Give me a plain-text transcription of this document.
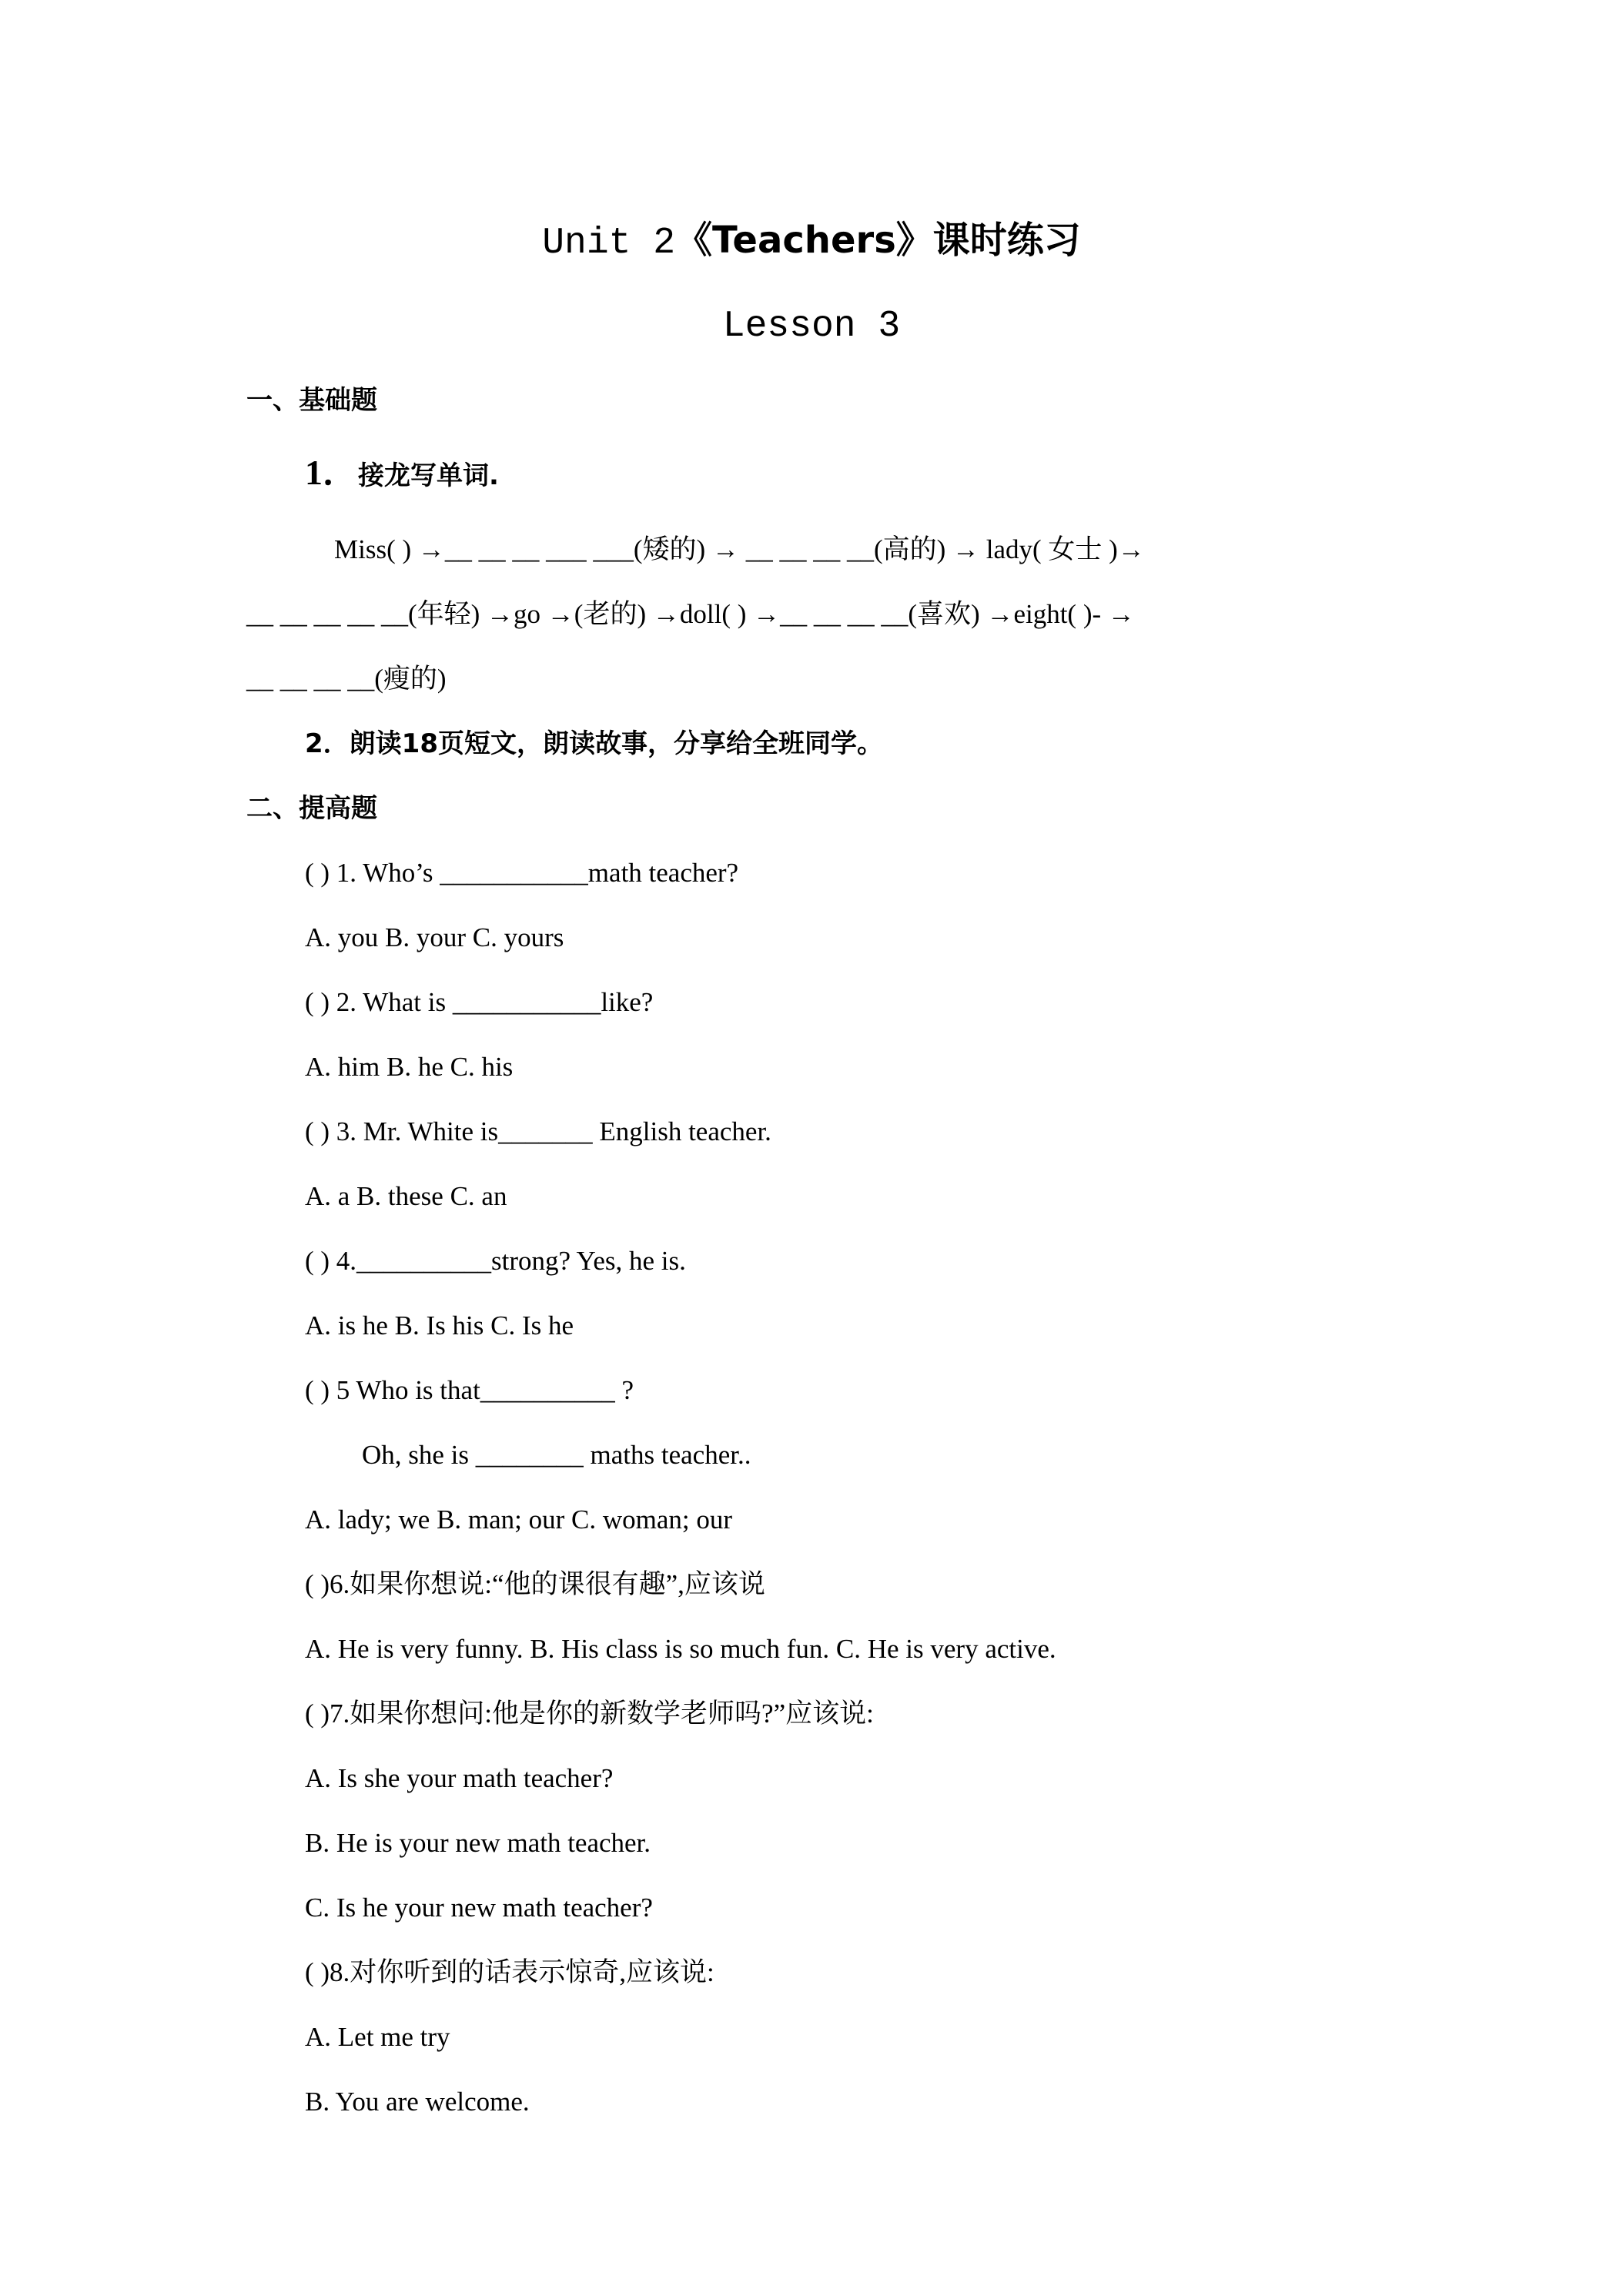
Unit 2《Teachers》课时练习
Lesson 3
一、基础题
1．接龙写单词.
Miss( ) →__ __ __ ___ ___(矮的) → __ __ __ __(高的) → lady( 女士 )→
__ __ __ __ __(年轻) →go →(老的) →doll( ) →__ __ __ __(喜欢) →eight( )- →
__ __ __ __(瘦的)
2．朗读18页短文，朗读故事，分享给全班同学。
二、提高题
( ) 1. Who’s ___________math teacher?
A. you B. your C. yours
( ) 2. What is ___________like?
A. him B. he C. his
( ) 3. Mr. White is_______ English teacher.
A. a B. these C. an
( ) 4.__________strong? Yes, he is.
A. is he B. Is his C. Is he
( ) 5 Who is that__________ ?
Oh, she is ________ maths teacher..
A. lady; we B. man; our C. woman; our
( )6.如果你想说:“他的课很有趣”,应该说
A. He is very funny. B. His class is so much fun. C. He is very active.
( )7.如果你想问:他是你的新数学老师吗?”应该说:
A. Is she your math teacher?
B. He is your new math teacher.
C. Is he your new math teacher?
( )8.对你听到的话表示惊奇,应该说:
A. Let me try
B. You are welcome.
